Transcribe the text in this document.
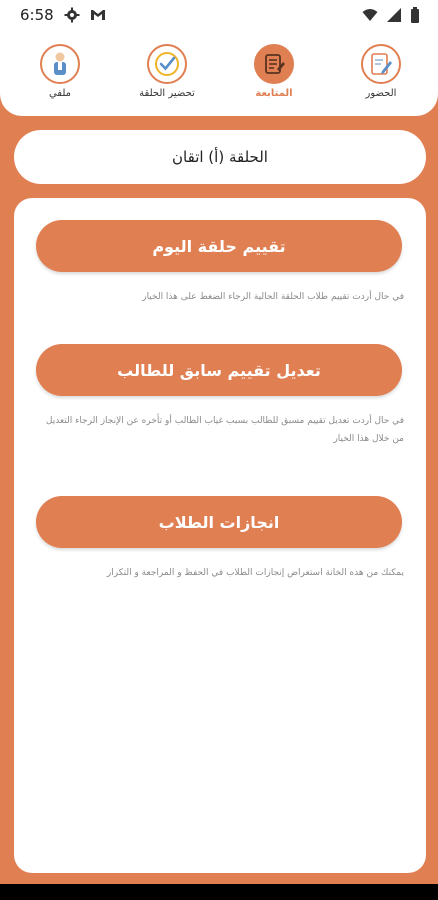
6:58
الحضور
المتابعة
تحضير الحلقة
ملفي
الحلقة (أ) اتقان
تقييم حلقة اليوم
في حال أردت تقييم طلاب الحلقة الحالية الرجاء الضغط على هذا الخيار
تعديل تقييم سابق للطالب
في حال أردت تعديل تقييم مسبق للطالب بسبب غياب الطالب أو تأخره عن الإنجاز الرجاء التعديل من خلال هذا الخيار
انجازات الطلاب
يمكنك من هذه الخانة استعراض إنجازات الطلاب في الحفظ و المراجعة و التكرار
